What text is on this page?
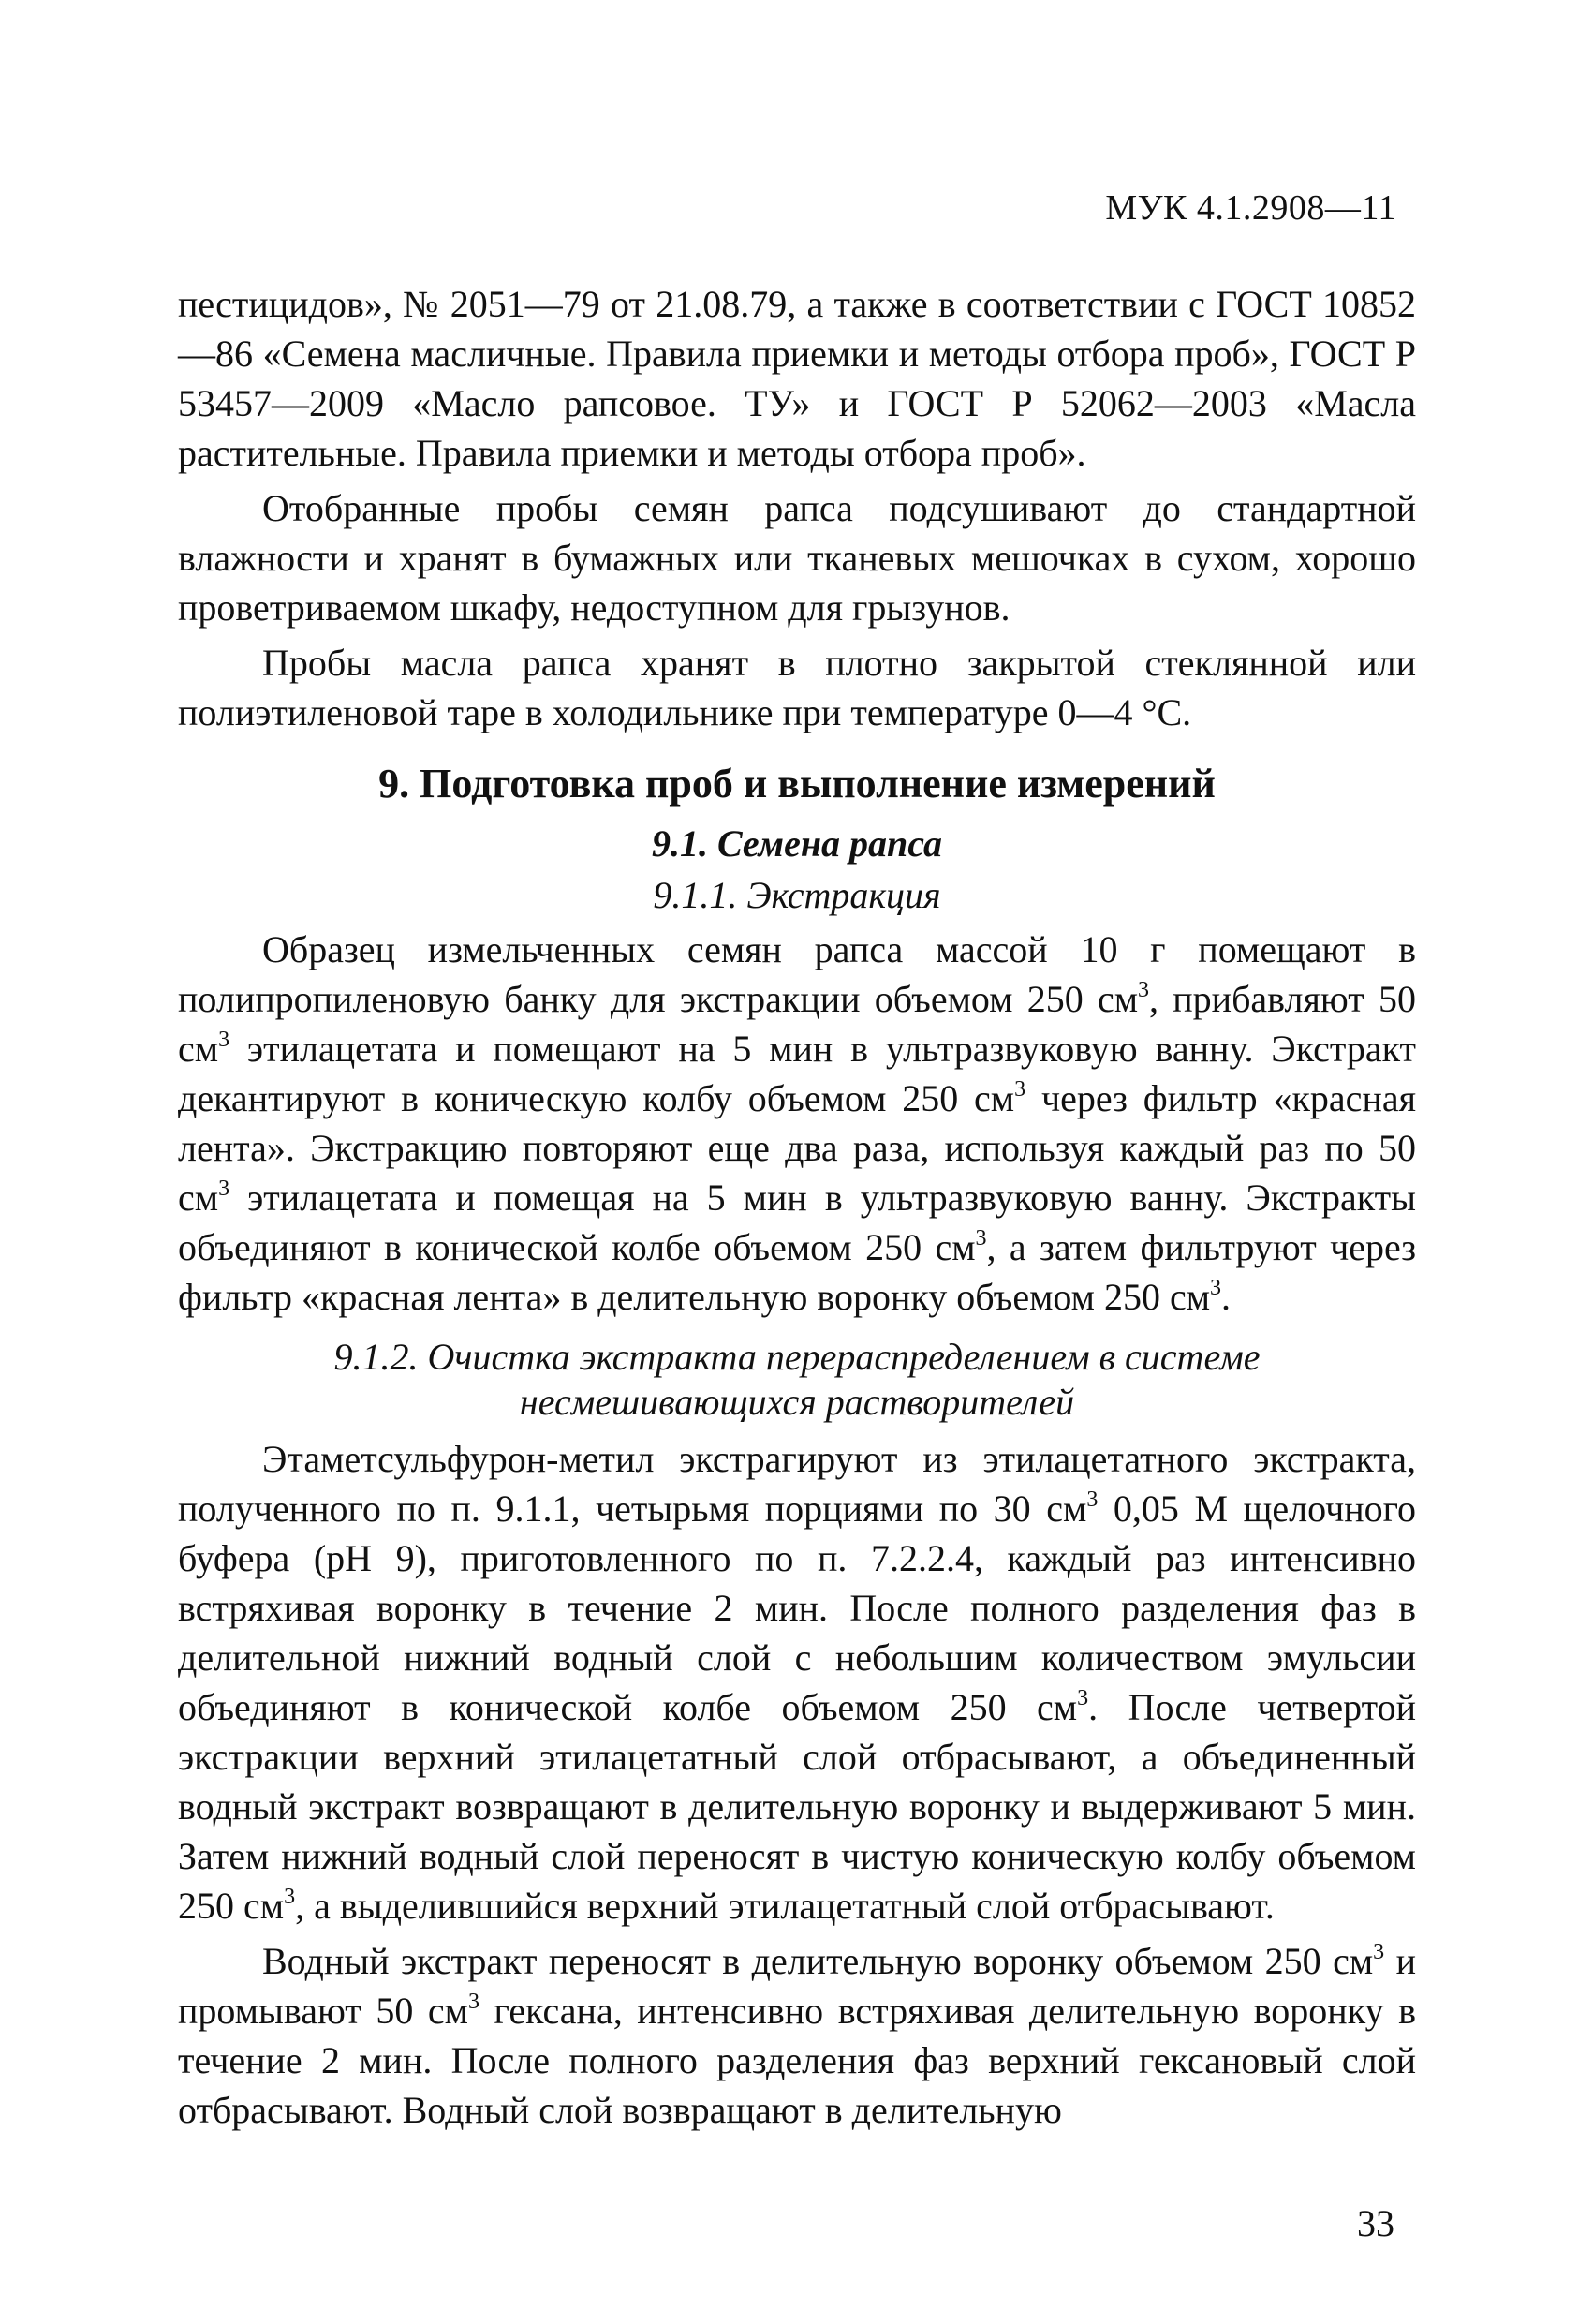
МУК 4.1.2908—11

пестицидов», № 2051—79 от 21.08.79, а также в соответствии с ГОСТ 10852—86 «Семена масличные. Правила приемки и методы отбора проб», ГОСТ Р 53457—2009 «Масло рапсовое. ТУ» и ГОСТ Р 52062—2003 «Масла растительные. Правила приемки и методы отбора проб».

Отобранные пробы семян рапса подсушивают до стандартной влажности и хранят в бумажных или тканевых мешочках в сухом, хорошо проветриваемом шкафу, недоступном для грызунов.

Пробы масла рапса хранят в плотно закрытой стеклянной или полиэтиленовой таре в холодильнике при температуре 0—4 °C.

9. Подготовка проб и выполнение измерений
9.1. Семена рапса
9.1.1. Экстракция

Образец измельченных семян рапса массой 10 г помещают в полипропиленовую банку для экстракции объемом 250 $см^3$, прибавляют 50 $см^3$ этилацетата и помещают на 5 мин в ультразвуковую ванну. Экстракт декантируют в коническую колбу объемом 250 $см^3$ через фильтр «красная лента». Экстракцию повторяют еще два раза, используя каждый раз по 50 $см^3$ этилацетата и помещая на 5 мин в ультразвуковую ванну. Экстракты объединяют в конической колбе объемом 250 $см^3$, а затем фильтруют через фильтр «красная лента» в делительную воронку объемом 250 $см^3$.

9.1.2. Очистка экстракта перераспределением в системе
несмешивающихся растворителей

Этаметсульфурон-метил экстрагируют из этилацетатного экстракта, полученного по п. 9.1.1, четырьмя порциями по 30 $см^3$ 0,05 М щелочного буфера (рН 9), приготовленного по п. 7.2.2.4, каждый раз интенсивно встряхивая воронку в течение 2 мин. После полного разделения фаз в делительной нижний водный слой с небольшим количеством эмульсии объединяют в конической колбе объемом 250 $см^3$. После четвертой экстракции верхний этилацетатный слой отбрасывают, а объединенный водный экстракт возвращают в делительную воронку и выдерживают 5 мин. Затем нижний водный слой переносят в чистую коническую колбу объемом 250 $см^3$, а выделившийся верхний этилацетатный слой отбрасывают.

Водный экстракт переносят в делительную воронку объемом 250 $см^3$ и промывают 50 $см^3$ гексана, интенсивно встряхивая делительную воронку в течение 2 мин. После полного разделения фаз верхний гексановый слой отбрасывают. Водный слой возвращают в делительную

33
